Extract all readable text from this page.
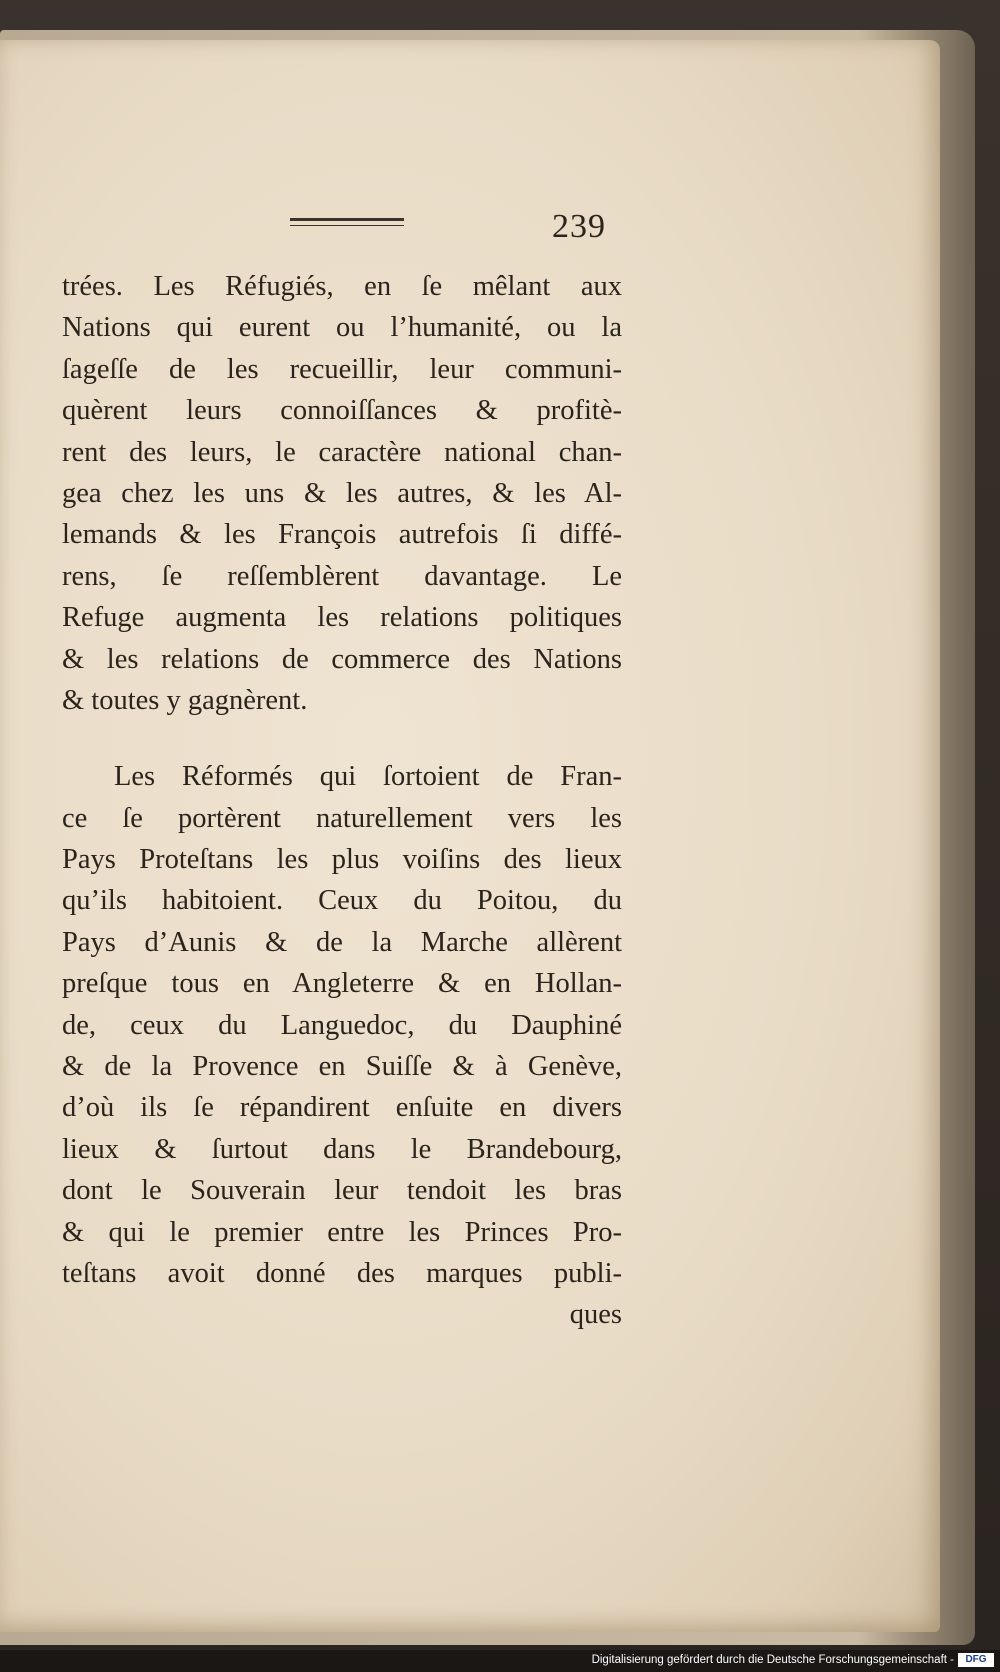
239
trées. Les Réfugiés, en ſe mêlant aux
Nations qui eurent ou l’humanité, ou la
ſageſſe de les recueillir, leur communi-
quèrent leurs connoiſſances & profitè-
rent des leurs, le caractère national chan-
gea chez les uns & les autres, & les Al-
lemands & les François autrefois ſi diffé-
rens, ſe reſſemblèrent davantage. Le
Refuge augmenta les relations politiques
& les relations de commerce des Nations
& toutes y gagnèrent.
Les Réformés qui ſortoient de Fran-
ce ſe portèrent naturellement vers les
Pays Proteſtans les plus voiſins des lieux
qu’ils habitoient. Ceux du Poitou, du
Pays d’Aunis & de la Marche allèrent
preſque tous en Angleterre & en Hollan-
de, ceux du Languedoc, du Dauphiné
& de la Provence en Suiſſe & à Genève,
d’où ils ſe répandirent enſuite en divers
lieux & ſurtout dans le Brandebourg,
dont le Souverain leur tendoit les bras
& qui le premier entre les Princes Pro-
teſtans avoit donné des marques publi-
ques
Digitalisierung gefördert durch die Deutsche Forschungsgemeinschaft -	DFG
